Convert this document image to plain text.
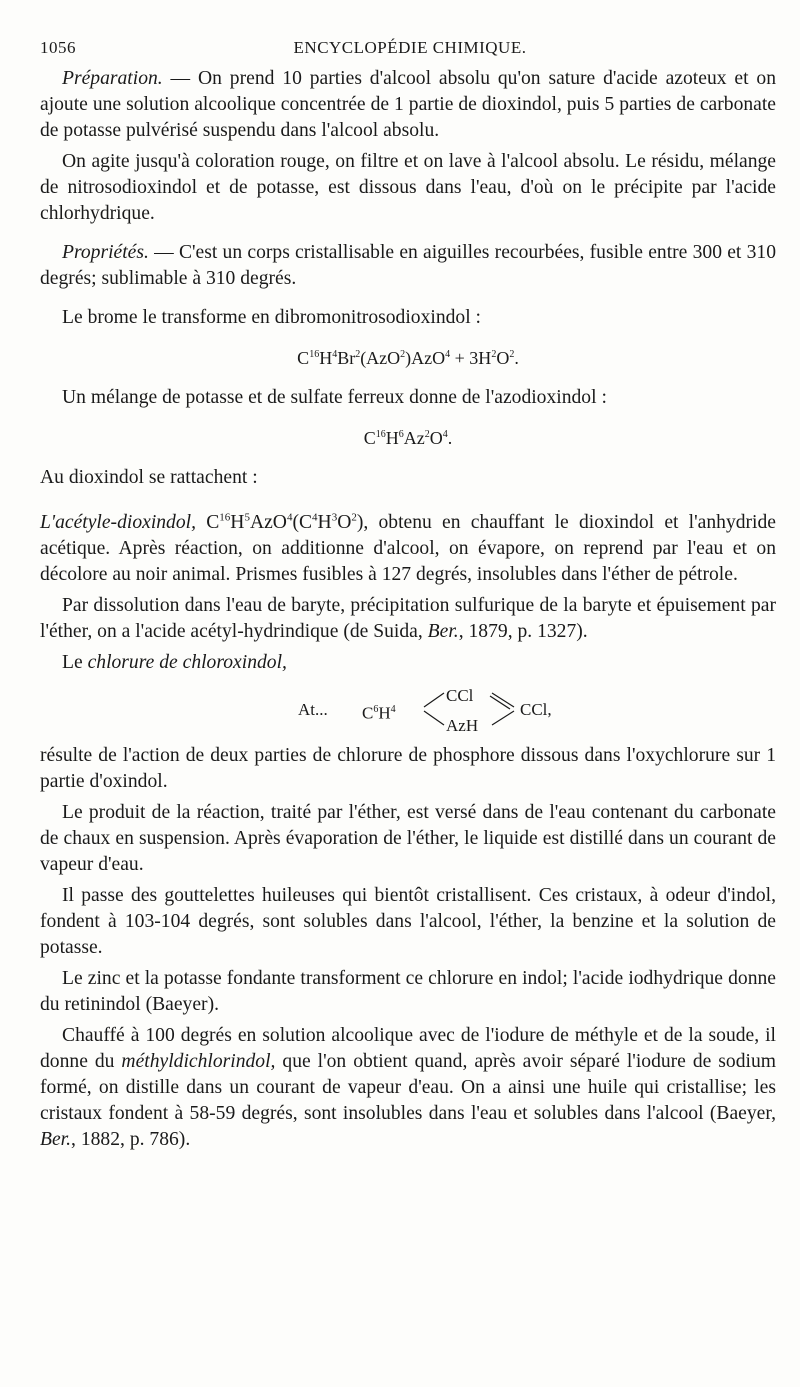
1056	ENCYCLOPÉDIE CHIMIQUE.

Préparation. — On prend 10 parties d'alcool absolu qu'on sature d'acide azoteux et on ajoute une solution alcoolique concentrée de 1 partie de dioxindol, puis 5 parties de carbonate de potasse pulvérisé suspendu dans l'alcool absolu.

On agite jusqu'à coloration rouge, on filtre et on lave à l'alcool absolu. Le résidu, mélange de nitrosodioxindol et de potasse, est dissous dans l'eau, d'où on le précipite par l'acide chlorhydrique.

Propriétés. — C'est un corps cristallisable en aiguilles recourbées, fusible entre 300 et 310 degrés; sublimable à 310 degrés.

Le brome le transforme en dibromonitrosodioxindol :

$C^{16}H^4Br^2(AzO^2)AzO^4 + 3H^2O^2$.

Un mélange de potasse et de sulfate ferreux donne de l'azodioxindol :

$C^{16}H^6Az^2O^4$.

Au dioxindol se rattachent :

L'acétyle-dioxindol, $C^{16}H^5AzO^4(C^4H^3O^2)$, obtenu en chauffant le dioxindol et l'anhydride acétique. Après réaction, on additionne d'alcool, on évapore, on reprend par l'eau et on décolore au noir animal. Prismes fusibles à 127 degrés, insolubles dans l'éther de pétrole.

Par dissolution dans l'eau de baryte, précipitation sulfurique de la baryte et épuisement par l'éther, on a l'acide acétyl-hydrindique (de Suida, Ber., 1879, p. 1327).

Le chlorure de chloroxindol,

At... $C^6H^4$
CCl
AzH
CCl,

résulte de l'action de deux parties de chlorure de phosphore dissous dans l'oxychlorure sur 1 partie d'oxindol.

Le produit de la réaction, traité par l'éther, est versé dans de l'eau contenant du carbonate de chaux en suspension. Après évaporation de l'éther, le liquide est distillé dans un courant de vapeur d'eau.

Il passe des gouttelettes huileuses qui bientôt cristallisent. Ces cristaux, à odeur d'indol, fondent à 103-104 degrés, sont solubles dans l'alcool, l'éther, la benzine et la solution de potasse.

Le zinc et la potasse fondante transforment ce chlorure en indol; l'acide iodhydrique donne du retinindol (Baeyer).

Chauffé à 100 degrés en solution alcoolique avec de l'iodure de méthyle et de la soude, il donne du méthyldichlorindol, que l'on obtient quand, après avoir séparé l'iodure de sodium formé, on distille dans un courant de vapeur d'eau. On a ainsi une huile qui cristallise; les cristaux fondent à 58-59 degrés, sont insolubles dans l'eau et solubles dans l'alcool (Baeyer, Ber., 1882, p. 786).
